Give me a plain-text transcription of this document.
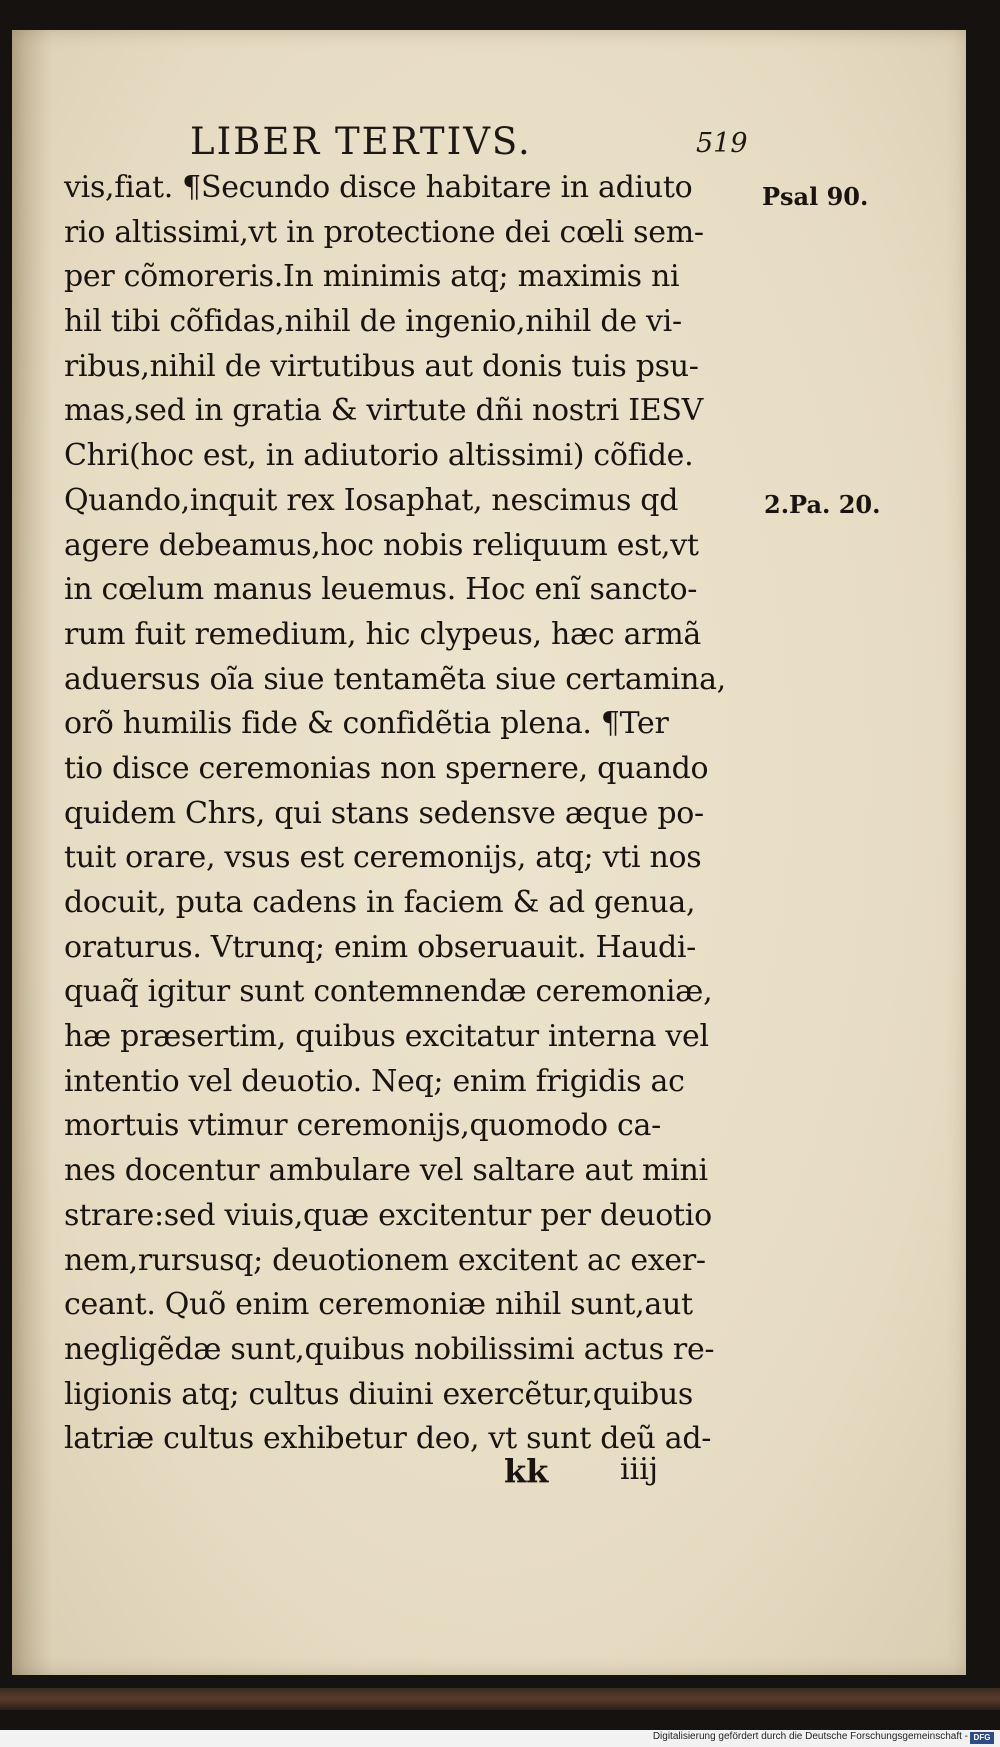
LIBER TERTIVS.	519
vis,fiat. ¶Secundo disce habitare in adiuto
rio altissimi,vt in protectione dei cœli sem-
per cõmoreris.In minimis atq; maximis ni
hil tibi cõfidas,nihil de ingenio,nihil de vi-
ribus,nihil de virtutibus aut donis tuis psu-
mas,sed in gratia & virtute dñi nostri IESV
Chri(hoc est, in adiutorio altissimi) cõfide.
Quando,inquit rex Iosaphat, nescimus qd
agere debeamus,hoc nobis reliquum est,vt
in cœlum manus leuemus. Hoc enĩ sancto-
rum fuit remedium, hic clypeus, hæc armã
aduersus oĩa siue tentamẽta siue certamina,
orõ humilis fide & confidẽtia plena. ¶Ter
tio disce ceremonias non spernere, quando
quidem Chrs, qui stans sedensve æque po-
tuit orare, vsus est ceremonijs, atq; vti nos
docuit, puta cadens in faciem & ad genua,
oraturus. Vtrunq; enim obseruauit. Haudi-
quaq̃ igitur sunt contemnendæ ceremoniæ,
hæ præsertim, quibus excitatur interna vel
intentio vel deuotio. Neq; enim frigidis ac
mortuis vtimur ceremonijs,quomodo ca-
nes docentur ambulare vel saltare aut mini
strare:sed viuis,quæ excitentur per deuotio
nem,rursusq; deuotionem excitent ac exer-
ceant. Quõ enim ceremoniæ nihil sunt,aut
negligẽdæ sunt,quibus nobilissimi actus re-
ligionis atq; cultus diuini exercẽtur,quibus
latriæ cultus exhibetur deo, vt sunt deũ ad-
Psal 90.
2.Pa. 20.
kk iiij
Digitalisierung gefördert durch die Deutsche Forschungsgemeinschaft - DFG
